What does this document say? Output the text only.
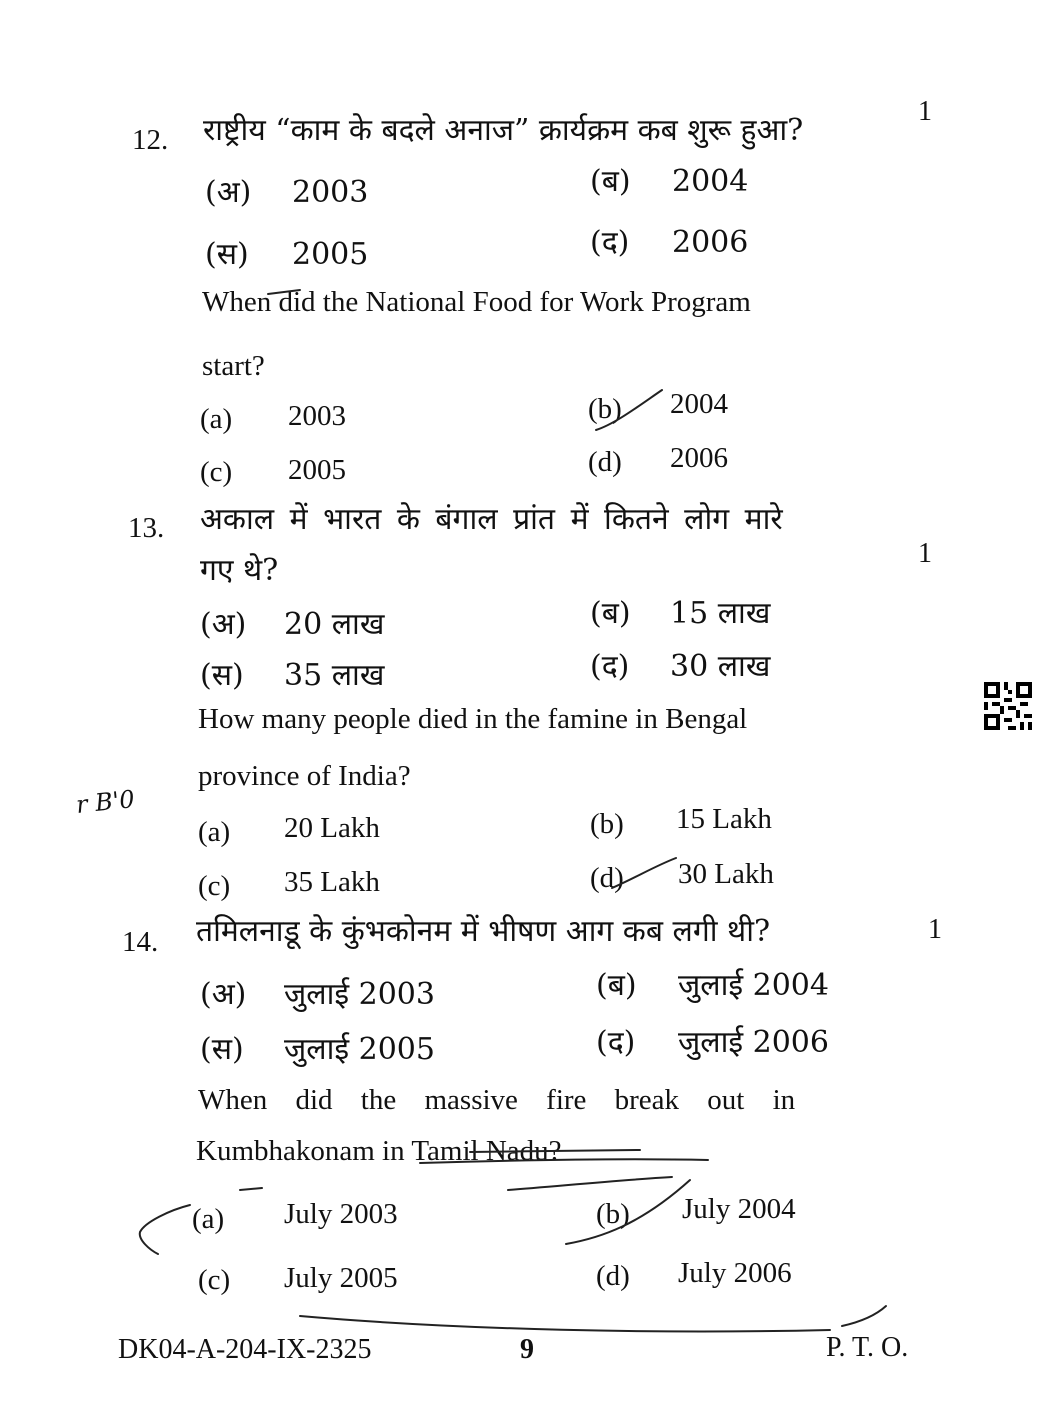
12. राष्ट्रीय “काम के बदले अनाज” क्रार्यक्रम कब शुरू हुआ?
1
(अ) 2003	(ब) 2004
(स) 2005	(द) 2006
When did the National Food for Work Program
start?
(a) 2003	(b) 2004
(c) 2005	(d) 2006
13. अकाल में भारत के बंगाल प्रांत में कितने लोग मारे
गए थे?	1
(अ) 20 लाख	(ब) 15 लाख
(स) 35 लाख	(द) 30 लाख
How many people died in the famine in Bengal
province of India?
(a) 20 Lakh	(b) 15 Lakh
(c) 35 Lakh	(d) 30 Lakh
14. तमिलनाडू के कुंभकोनम में भीषण आग कब लगी थी?	1
(अ) जुलाई 2003	(ब) जुलाई 2004
(स) जुलाई 2005	(द) जुलाई 2006
When did the massive fire break out in
Kumbhakonam in Tamil Nadu?
(a) July 2003	(b) July 2004
(c) July 2005	(d) July 2006
r B'0
DK04-A-204-IX-2325	9	P. T. O.
